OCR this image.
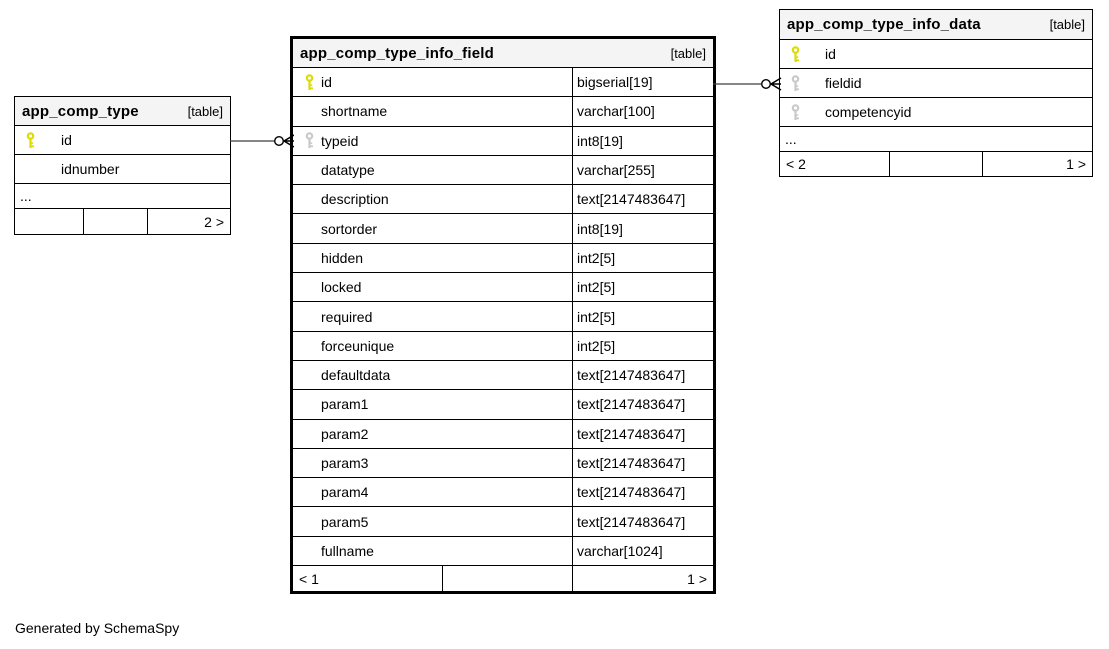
app_comp_type	[table]
id
idnumber
...
2 >
app_comp_type_info_field	[table]
id	bigserial[19]
shortname	varchar[100]
typeid	int8[19]
datatype	varchar[255]
description	text[2147483647]
sortorder	int8[19]
hidden	int2[5]
locked	int2[5]
required	int2[5]
forceunique	int2[5]
defaultdata	text[2147483647]
param1	text[2147483647]
param2	text[2147483647]
param3	text[2147483647]
param4	text[2147483647]
param5	text[2147483647]
fullname	varchar[1024]
< 1	1 >
app_comp_type_info_data	[table]
id
fieldid
competencyid
...
< 2	1 >
Generated by SchemaSpy
